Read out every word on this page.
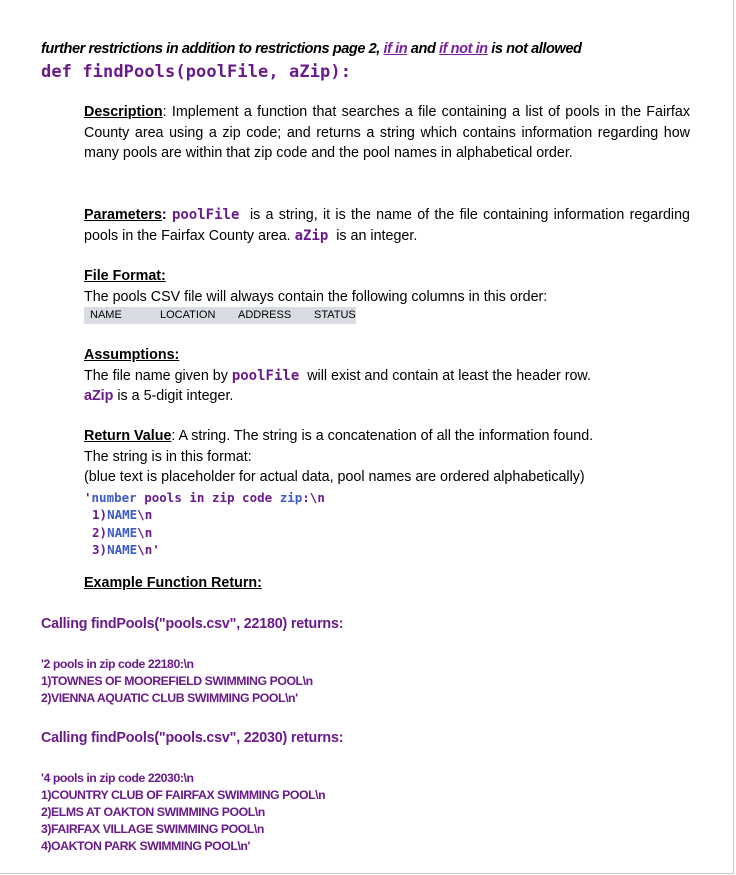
further restrictions in addition to restrictions page 2, if in and if not in is not allowed
def findPools(poolFile, aZip):
Description: Implement a function that searches a file containing a list of pools in the Fairfax County area using a zip code; and returns a string which contains information regarding how many pools are within that zip code and the pool names in alphabetical order.
Parameters: poolFile  is a string, it is the name of the file containing information regarding pools in the Fairfax County area. aZip  is an integer.
File Format:
The pools CSV file will always contain the following columns in this order:
NAME	LOCATION ADDRESS STATUS
Assumptions:
The file name given by poolFile  will exist and contain at least the header row.
aZip is a 5-digit integer.
Return Value: A string. The string is a concatenation of all the information found.
The string is in this format:
(blue text is placeholder for actual data, pool names are ordered alphabetically)
'number pools in zip code zip:\n
1)NAME\n
2)NAME\n
3)NAME\n'
Example Function Return:
Calling findPools("pools.csv", 22180) returns:
'2 pools in zip code 22180:\n
1)TOWNES OF MOOREFIELD SWIMMING POOL\n
2)VIENNA AQUATIC CLUB SWIMMING POOL\n'
Calling findPools("pools.csv", 22030) returns:
'4 pools in zip code 22030:\n
1)COUNTRY CLUB OF FAIRFAX SWIMMING POOL\n
2)ELMS AT OAKTON SWIMMING POOL\n
3)FAIRFAX VILLAGE SWIMMING POOL\n
4)OAKTON PARK SWIMMING POOL\n'
